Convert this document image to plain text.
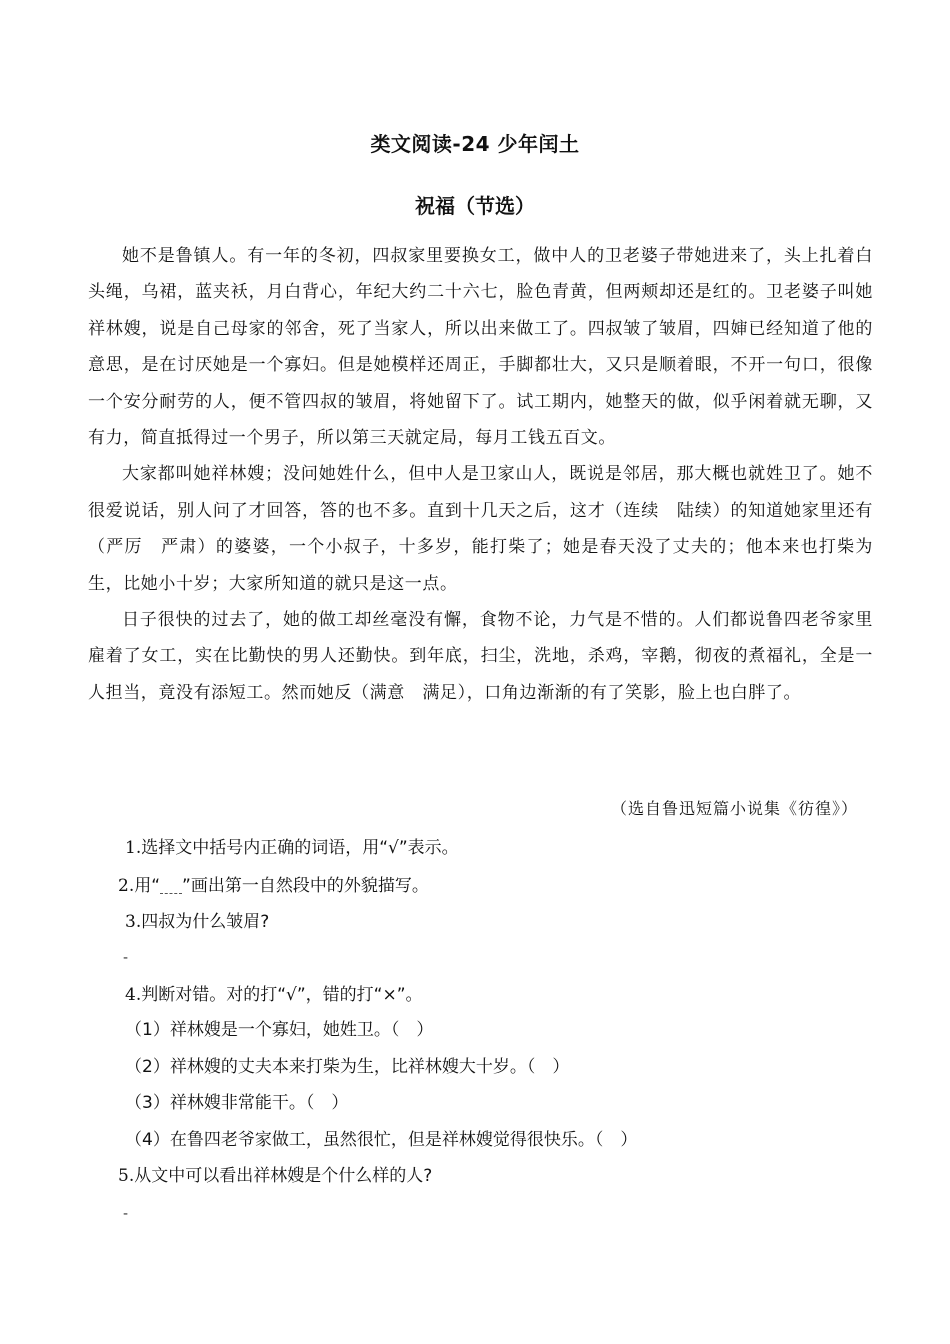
类文阅读-24 少年闰土
祝福（节选）

她不是鲁镇人。有一年的冬初，四叔家里要换女工，做中人的卫老婆子带她进来了，头上扎着白头绳，乌裙，蓝夹袄，月白背心，年纪大约二十六七，脸色青黄，但两颊却还是红的。卫老婆子叫她祥林嫂，说是自己母家的邻舍，死了当家人，所以出来做工了。四叔皱了皱眉，四婶已经知道了他的意思，是在讨厌她是一个寡妇。但是她模样还周正，手脚都壮大，又只是顺着眼，不开一句口，很像一个安分耐劳的人，便不管四叔的皱眉，将她留下了。试工期内，她整天的做，似乎闲着就无聊，又有力，简直抵得过一个男子，所以第三天就定局，每月工钱五百文。

大家都叫她祥林嫂；没问她姓什么，但中人是卫家山人，既说是邻居，那大概也就姓卫了。她不很爱说话，别人问了才回答，答的也不多。直到十几天之后，这才（连续　陆续）的知道她家里还有（严厉　严肃）的婆婆，一个小叔子，十多岁，能打柴了；她是春天没了丈夫的；他本来也打柴为生，比她小十岁；大家所知道的就只是这一点。

日子很快的过去了，她的做工却丝毫没有懈，食物不论，力气是不惜的。人们都说鲁四老爷家里雇着了女工，实在比勤快的男人还勤快。到年底，扫尘，洗地，杀鸡，宰鹅，彻夜的煮福礼，全是一人担当，竟没有添短工。然而她反（满意　满足），口角边渐渐的有了笑影，脸上也白胖了。

（选自鲁迅短篇小说集《彷徨》）
1.选择文中括号内正确的词语，用“√”表示。
2.用“ ”画出第一自然段中的外貌描写。
3.四叔为什么皱眉?
-
4.判断对错。对的打“√”，错的打“×”。
（1）祥林嫂是一个寡妇，她姓卫。（　）
（2）祥林嫂的丈夫本来打柴为生，比祥林嫂大十岁。（　）
（3）祥林嫂非常能干。（　）
（4）在鲁四老爷家做工，虽然很忙，但是祥林嫂觉得很快乐。（　）
5.从文中可以看出祥林嫂是个什么样的人?
-
